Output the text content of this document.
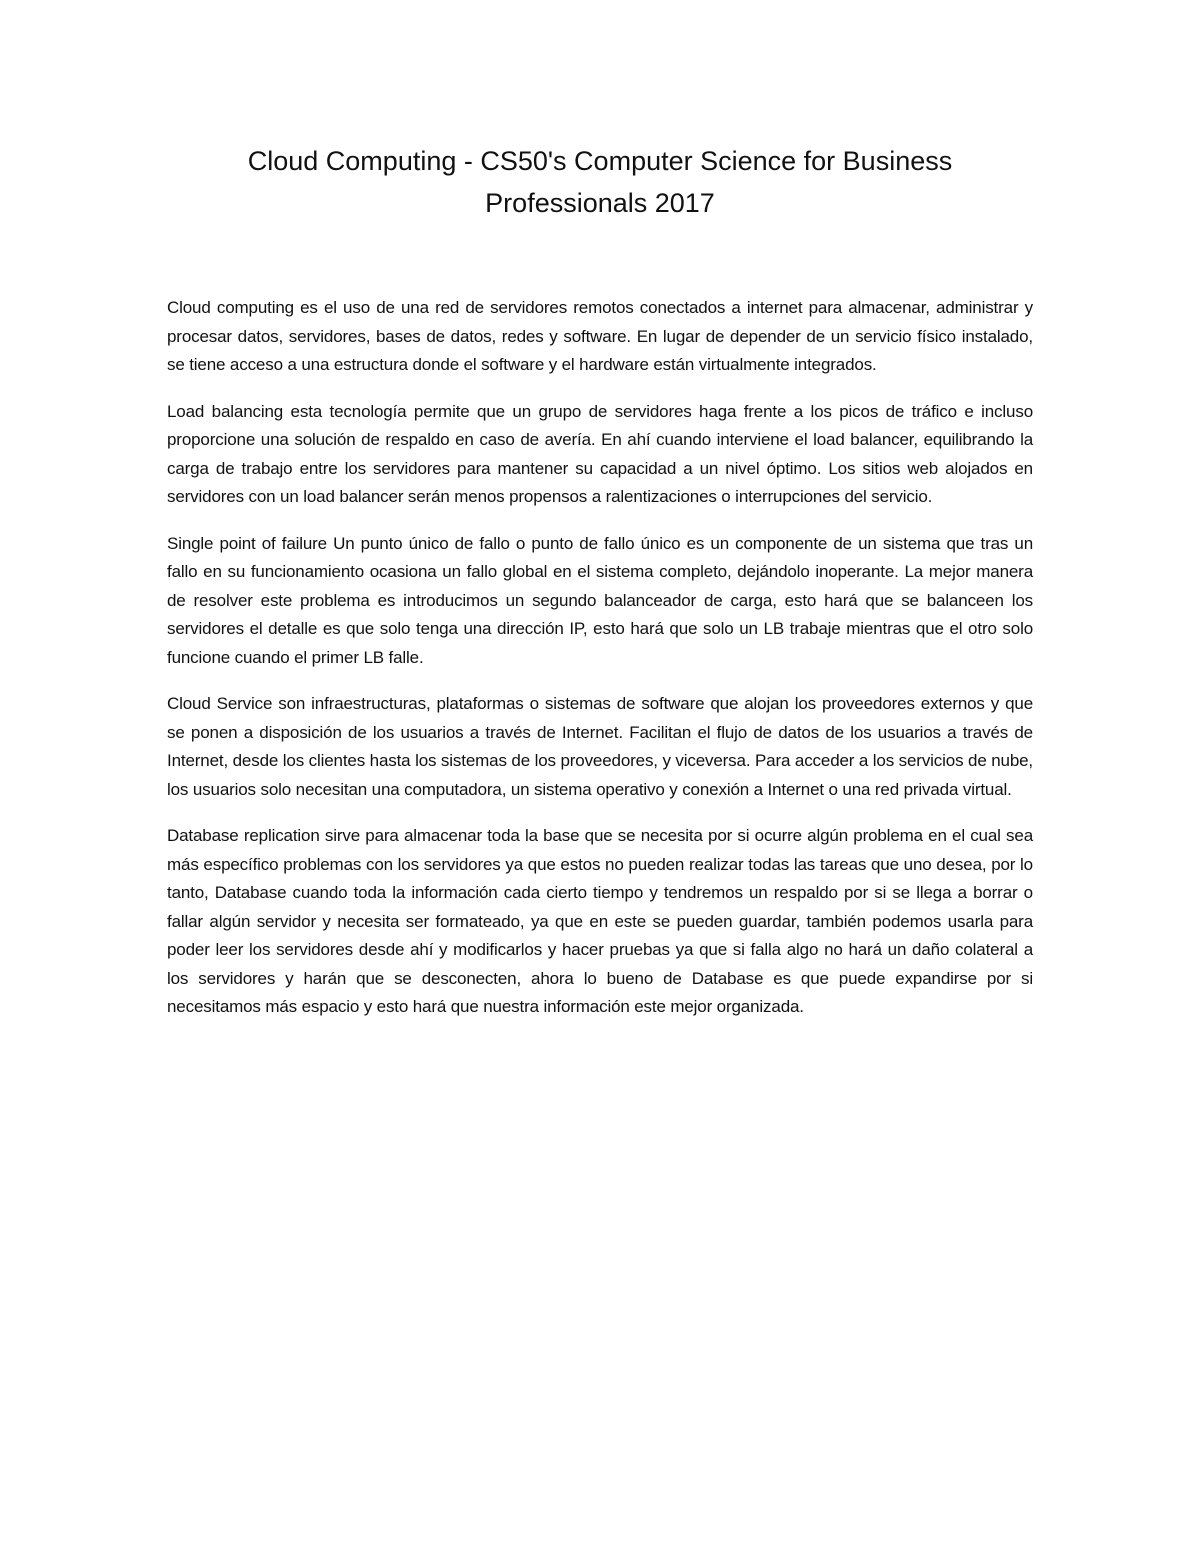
Cloud Computing - CS50's Computer Science for Business Professionals 2017

Cloud computing es el uso de una red de servidores remotos conectados a internet para almacenar, administrar y procesar datos, servidores, bases de datos, redes y software. En lugar de depender de un servicio físico instalado, se tiene acceso a una estructura donde el software y el hardware están virtualmente integrados.

Load balancing esta tecnología permite que un grupo de servidores haga frente a los picos de tráfico e incluso proporcione una solución de respaldo en caso de avería. En ahí cuando interviene el load balancer, equilibrando la carga de trabajo entre los servidores para mantener su capacidad a un nivel óptimo. Los sitios web alojados en servidores con un load balancer serán menos propensos a ralentizaciones o interrupciones del servicio.

Single point of failure Un punto único de fallo o punto de fallo único es un componente de un sistema que tras un fallo en su funcionamiento ocasiona un fallo global en el sistema completo, dejándolo inoperante. La mejor manera de resolver este problema es introducimos un segundo balanceador de carga, esto hará que se balanceen los servidores el detalle es que solo tenga una dirección IP, esto hará que solo un LB trabaje mientras que el otro solo funcione cuando el primer LB falle.

Cloud Service son infraestructuras, plataformas o sistemas de software que alojan los proveedores externos y que se ponen a disposición de los usuarios a través de Internet. Facilitan el flujo de datos de los usuarios a través de Internet, desde los clientes hasta los sistemas de los proveedores, y viceversa. Para acceder a los servicios de nube, los usuarios solo necesitan una computadora, un sistema operativo y conexión a Internet o una red privada virtual.

Database replication sirve para almacenar toda la base que se necesita por si ocurre algún problema en el cual sea más específico problemas con los servidores ya que estos no pueden realizar todas las tareas que uno desea, por lo tanto, Database cuando toda la información cada cierto tiempo y tendremos un respaldo por si se llega a borrar o fallar algún servidor y necesita ser formateado, ya que en este se pueden guardar, también podemos usarla para poder leer los servidores desde ahí y modificarlos y hacer pruebas ya que si falla algo no hará un daño colateral a los servidores y harán que se desconecten, ahora lo bueno de Database es que puede expandirse por si necesitamos más espacio y esto hará que nuestra información este mejor organizada.
